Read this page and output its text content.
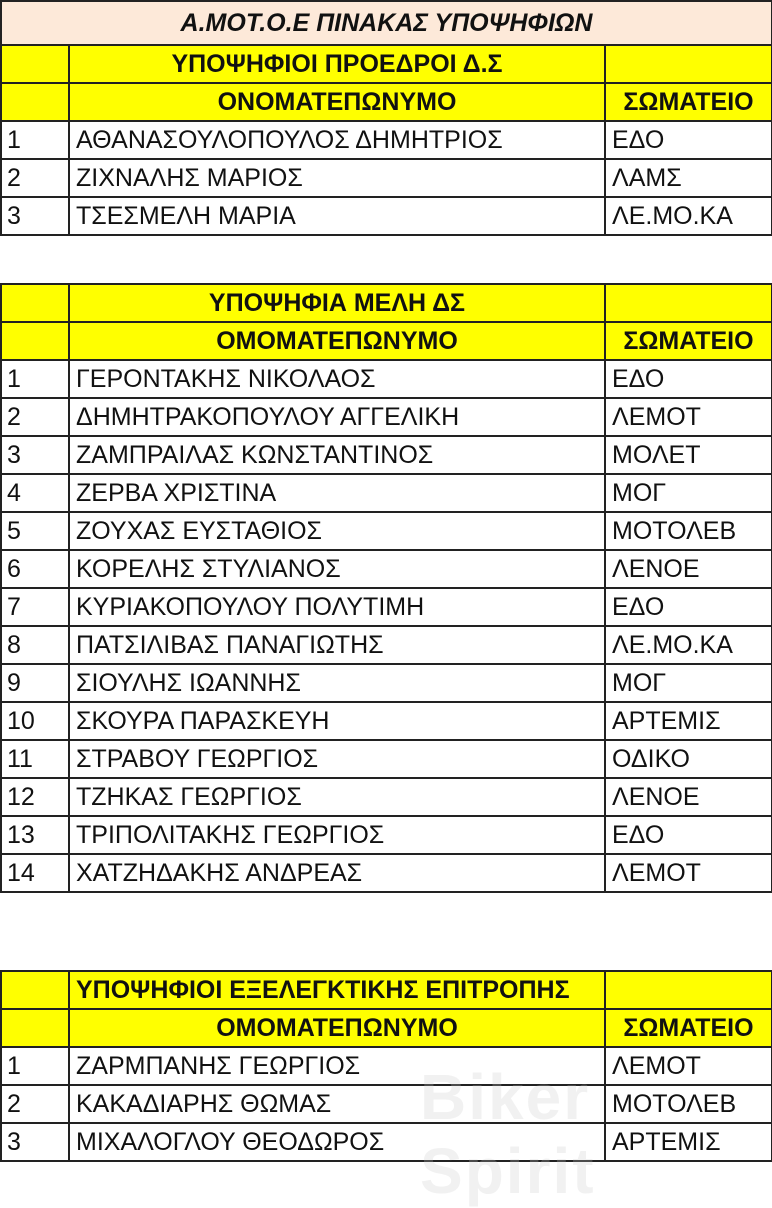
Α.ΜΟΤ.Ο.Ε ΠΙΝΑΚΑΣ ΥΠΟΨΗΦΙΩΝ		
	ΥΠΟΨΗΦΙΟΙ ΠΡΟΕΔΡΟΙ Δ.Σ	
	ΟΝΟΜΑΤΕΠΩΝΥΜΟ	ΣΩΜΑΤΕΙΟ
1	ΑΘΑΝΑΣΟΥΛΟΠΟΥΛΟΣ ΔΗΜΗΤΡΙΟΣ	ΕΔΟ
2	ΖΙΧΝΑΛΗΣ ΜΑΡΙΟΣ	ΛΑΜΣ
3	ΤΣΕΣΜΕΛΗ ΜΑΡΙΑ	ΛΕ.ΜΟ.ΚΑ
	ΥΠΟΨΗΦΙΑ ΜΕΛΗ ΔΣ	
	ΟΜΟΜΑΤΕΠΩΝΥΜΟ	ΣΩΜΑΤΕΙΟ
1	ΓΕΡΟΝΤΑΚΗΣ ΝΙΚΟΛΑΟΣ	ΕΔΟ
2	ΔΗΜΗΤΡΑΚΟΠΟΥΛΟΥ ΑΓΓΕΛΙΚΗ	ΛΕΜΟΤ
3	ΖΑΜΠΡΑΙΛΑΣ ΚΩΝΣΤΑΝΤΙΝΟΣ	ΜΟΛΕΤ
4	ΖΕΡΒΑ ΧΡΙΣΤΙΝΑ	ΜΟΓ
5	ΖΟΥΧΑΣ ΕΥΣΤΑΘΙΟΣ	ΜΟΤΟΛΕΒ
6	ΚΟΡΕΛΗΣ ΣΤΥΛΙΑΝΟΣ	ΛΕΝΟΕ
7	ΚΥΡΙΑΚΟΠΟΥΛΟΥ ΠΟΛΥΤΙΜΗ	ΕΔΟ
8	ΠΑΤΣΙΛΙΒΑΣ ΠΑΝΑΓΙΩΤΗΣ	ΛΕ.ΜΟ.ΚΑ
9	ΣΙΟΥΛΗΣ ΙΩΑΝΝΗΣ	ΜΟΓ
10	ΣΚΟΥΡΑ ΠΑΡΑΣΚΕΥΗ	ΑΡΤΕΜΙΣ
11	ΣΤΡΑΒΟΥ ΓΕΩΡΓΙΟΣ	ΟΔΙΚΟ
12	ΤΖΗΚΑΣ ΓΕΩΡΓΙΟΣ	ΛΕΝΟΕ
13	ΤΡΙΠΟΛΙΤΑΚΗΣ ΓΕΩΡΓΙΟΣ	ΕΔΟ
14	ΧΑΤΖΗΔΑΚΗΣ ΑΝΔΡΕΑΣ	ΛΕΜΟΤ
	ΥΠΟΨΗΦΙΟΙ ΕΞΕΛΕΓΚΤΙΚΗΣ ΕΠΙΤΡΟΠΗΣ	
	ΟΜΟΜΑΤΕΠΩΝΥΜΟ	ΣΩΜΑΤΕΙΟ
1	ΖΑΡΜΠΑΝΗΣ ΓΕΩΡΓΙΟΣ	ΛΕΜΟΤ
2	ΚΑΚΑΔΙΑΡΗΣ ΘΩΜΑΣ	ΜΟΤΟΛΕΒ
3	ΜΙΧΑΛΟΓΛΟΥ ΘΕΟΔΩΡΟΣ	ΑΡΤΕΜΙΣ
Biker Spirit
